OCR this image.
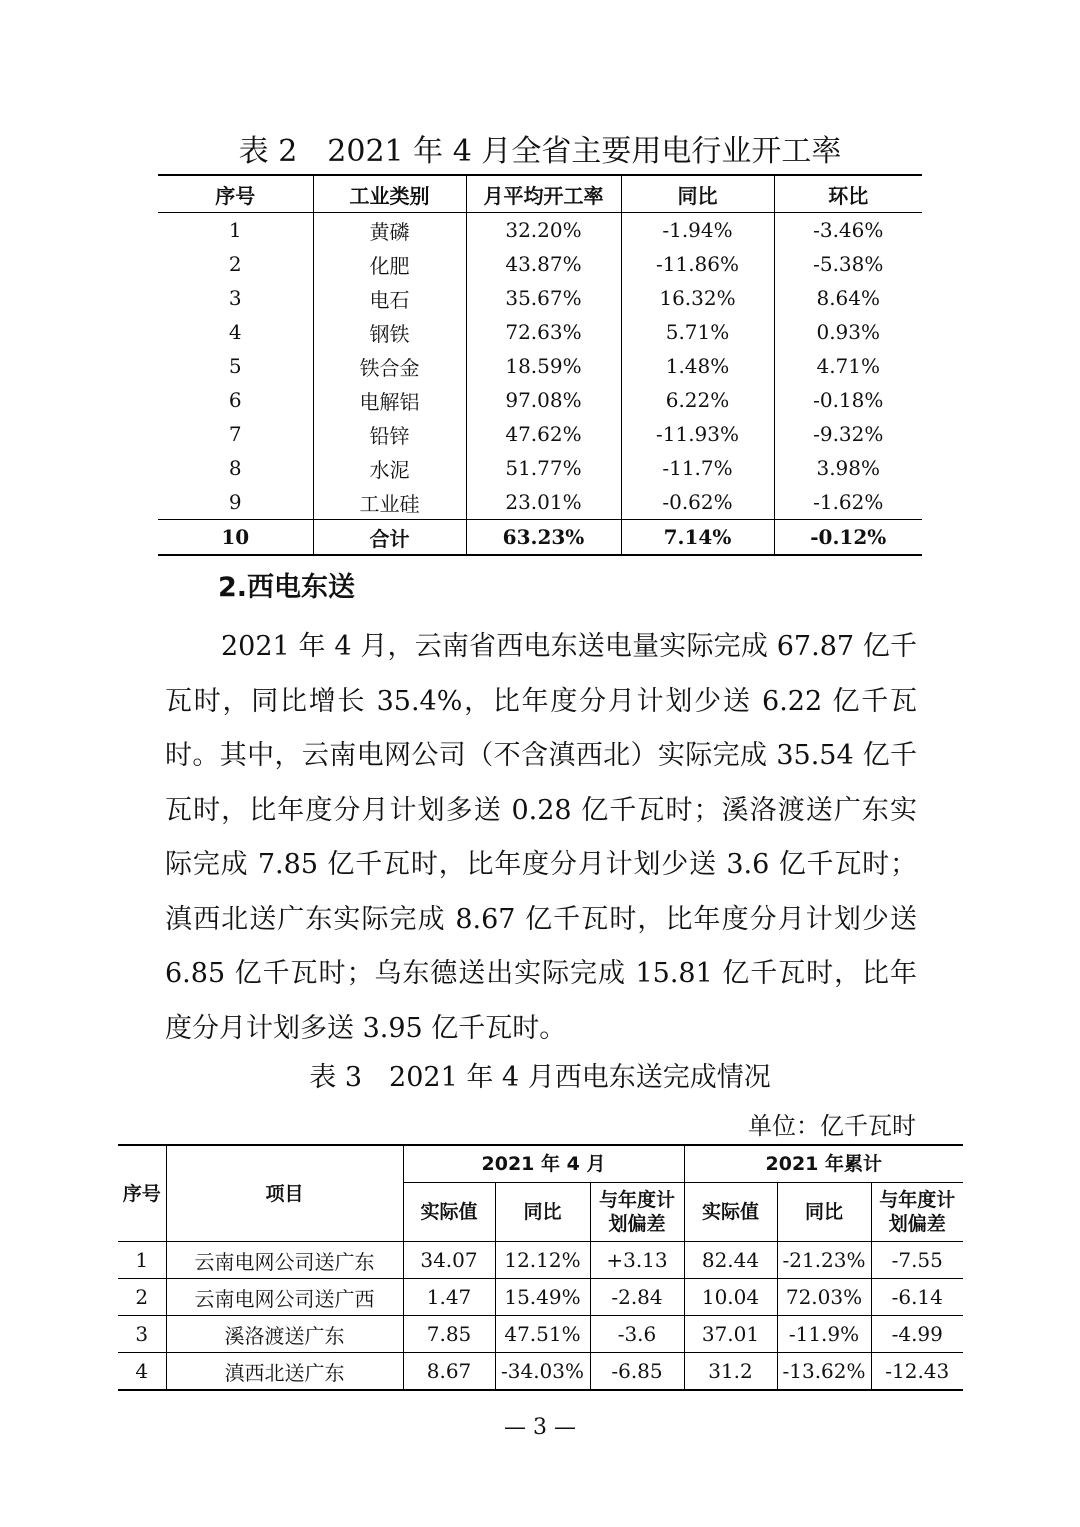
表 2　2021 年 4 月全省主要用电行业开工率
序号	工业类别	月平均开工率	同比	环比
1	黄磷	32.20%	-1.94%	-3.46%
2	化肥	43.87%	-11.86%	-5.38%
3	电石	35.67%	16.32%	8.64%
4	钢铁	72.63%	5.71%	0.93%
5	铁合金	18.59%	1.48%	4.71%
6	电解铝	97.08%	6.22%	-0.18%
7	铅锌	47.62%	-11.93%	-9.32%
8	水泥	51.77%	-11.7%	3.98%
9	工业硅	23.01%	-0.62%	-1.62%
10	合计	63.23%	7.14%	-0.12%
2.西电东送
2021 年 4 月，云南省西电东送电量实际完成 67.87 亿千瓦时，同比增长 35.4%，比年度分月计划少送 6.22 亿千瓦时。其中，云南电网公司（不含滇西北）实际完成 35.54 亿千瓦时，比年度分月计划多送 0.28 亿千瓦时；溪洛渡送广东实际完成 7.85 亿千瓦时，比年度分月计划少送 3.6 亿千瓦时；滇西北送广东实际完成 8.67 亿千瓦时，比年度分月计划少送 6.85 亿千瓦时；乌东德送出实际完成 15.81 亿千瓦时，比年度分月计划多送 3.95 亿千瓦时。
表 3　2021 年 4 月西电东送完成情况
单位：亿千瓦时
序号	项目	2021 年 4 月			2021 年累计		
		实际值	同比	与年度计划偏差	实际值	同比	与年度计划偏差
1	云南电网公司送广东	34.07	12.12%	+3.13	82.44	-21.23%	-7.55
2	云南电网公司送广西	1.47	15.49%	-2.84	10.04	72.03%	-6.14
3	溪洛渡送广东	7.85	47.51%	-3.6	37.01	-11.9%	-4.99
4	滇西北送广东	8.67	-34.03%	-6.85	31.2	-13.62%	-12.43
— 3 —
